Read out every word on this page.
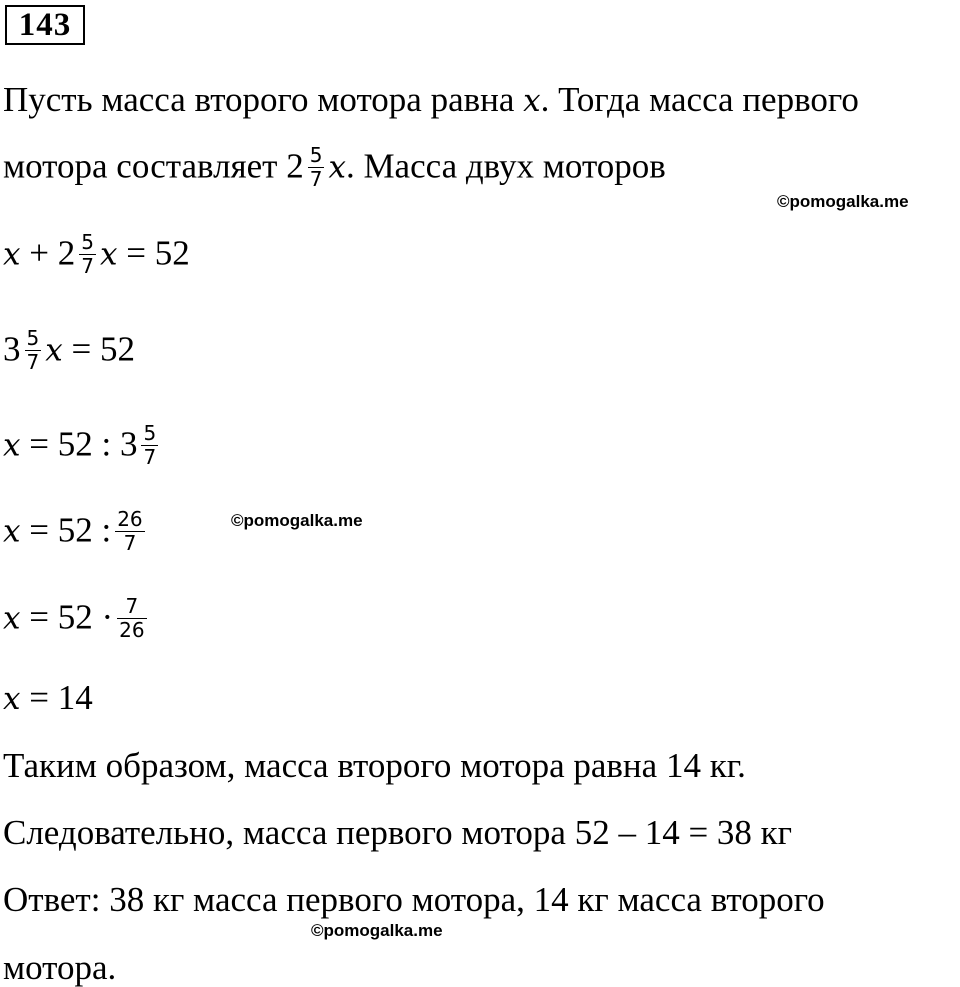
143
Пусть масса второго мотора равна x. Тогда масса первого
мотора составляет $2 \frac{5}{7} x$. Масса двух моторов
©pomogalka.me
$x + 2 \frac{5}{7}$ x = 52
$3 \frac{5}{7}$ x = 52
x = 52 : $3 \frac{5}{7}$
x = 52 : $\frac{26}{7}$	©pomogalka.me
$x = 52 \cdot \frac{7}{26}$
x = 14
Таким образом, масса второго мотора равна 14 кг.
Следовательно, масса первого мотора 52 – 14 = 38 кг
Ответ: 38 кг масса первого мотора, 14 кг масса второго
©pomogalka.me
мотора.
